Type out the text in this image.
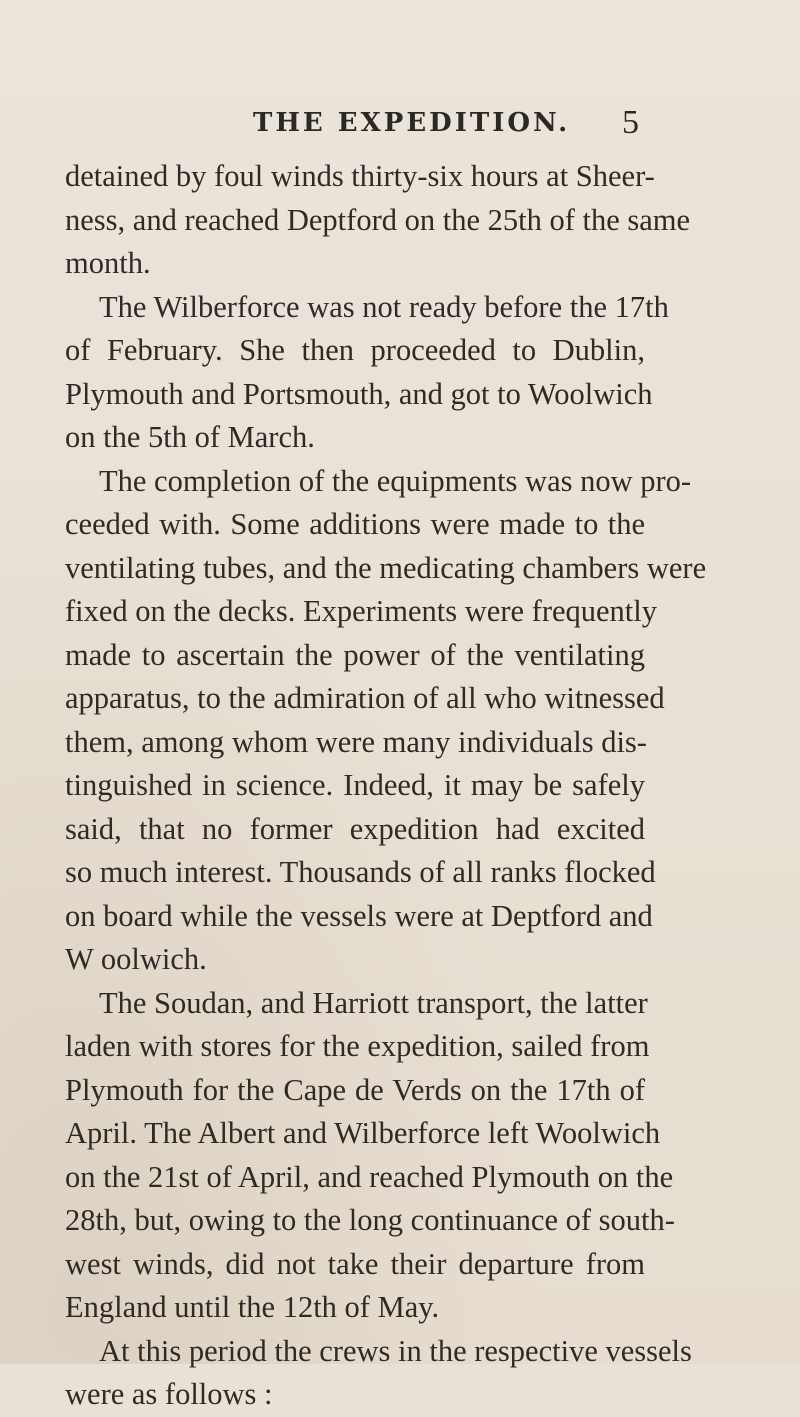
THE EXPEDITION. 5
detained by foul winds thirty-six hours at Sheer-
ness, and reached Deptford on the 25th of the same
month.
The Wilberforce was not ready before the 17th
of February. She then proceeded to Dublin,
Plymouth and Portsmouth, and got to Woolwich
on the 5th of March.
The completion of the equipments was now pro-
ceeded with. Some additions were made to the
ventilating tubes, and the medicating chambers were
fixed on the decks. Experiments were frequently
made to ascertain the power of the ventilating
apparatus, to the admiration of all who witnessed
them, among whom were many individuals dis-
tinguished in science. Indeed, it may be safely
said, that no former expedition had excited
so much interest. Thousands of all ranks flocked
on board while the vessels were at Deptford and
W oolwich.
The Soudan, and Harriott transport, the latter
laden with stores for the expedition, sailed from
Plymouth for the Cape de Verds on the 17th of
April. The Albert and Wilberforce left Woolwich
on the 21st of April, and reached Plymouth on the
28th, but, owing to the long continuance of south-
west winds, did not take their departure from
England until the 12th of May.
At this period the crews in the respective vessels
were as follows :
